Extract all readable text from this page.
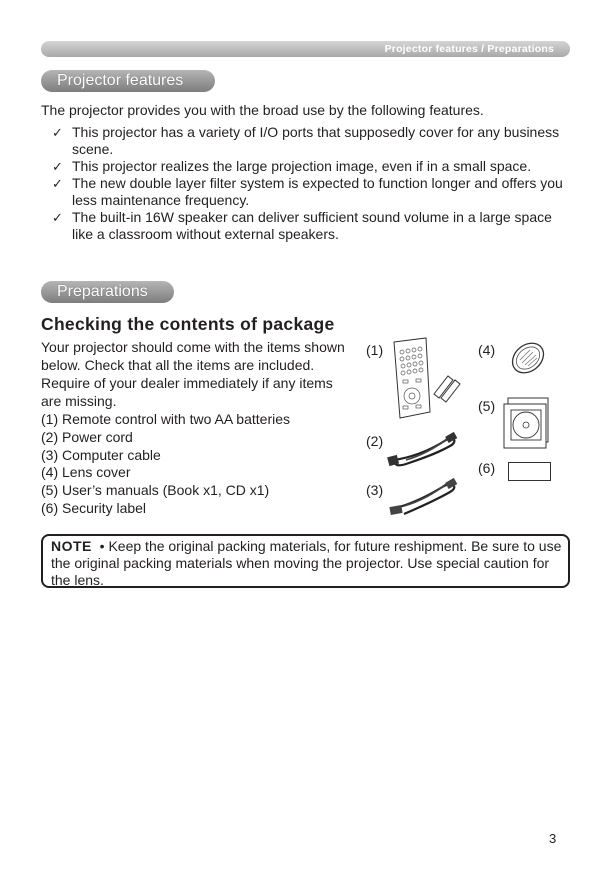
Projector features / Preparations
Projector features
The projector provides you with the broad use by the following features.
✓ This projector has a variety of I/O ports that supposedly cover for any business scene.
✓ This projector realizes the large projection image, even if in a small space.
✓ The new double layer filter system is expected to function longer and offers you less maintenance frequency.
✓ The built-in 16W speaker can deliver sufficient sound volume in a large space like a classroom without external speakers.
Preparations
Checking the contents of package
Your projector should come with the items shown below. Check that all the items are included. Require of your dealer immediately if any items are missing.
(1) Remote control with two AA batteries
(2) Power cord
(3) Computer cable
(4) Lens cover
(5) User’s manuals (Book x1, CD x1)
(6) Security label
(1)
(2)
(3)
(4)
(5)
(6)
NOTE • Keep the original packing materials, for future reshipment. Be sure to use the original packing materials when moving the projector. Use special caution for the lens.
3
